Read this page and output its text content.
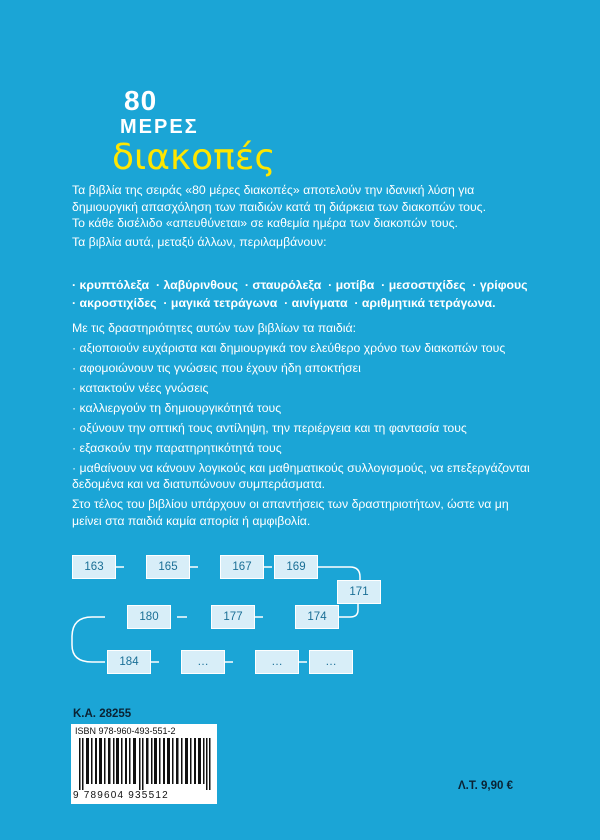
80
ΜΕΡΕΣ
διακοπές

Τα βιβλία της σειράς «80 μέρες διακοπές» αποτελούν την ιδανική λύση για δημιουργική απασχόληση των παιδιών κατά τη διάρκεια των διακοπών τους.

Το κάθε δισέλιδο «απευθύνεται» σε καθεμία ημέρα των διακοπών τους.

Τα βιβλία αυτά, μεταξύ άλλων, περιλαμβάνουν:

· κρυπτόλεξα · λαβύρινθους · σταυρόλεξα · μοτίβα · μεσοστιχίδες · γρίφους
· ακροστιχίδες · μαγικά τετράγωνα · αινίγματα · αριθμητικά τετράγωνα.
Με τις δραστηριότητες αυτών των βιβλίων τα παιδιά:

· αξιοποιούν ευχάριστα και δημιουργικά τον ελεύθερο χρόνο των διακοπών τους

· αφομοιώνουν τις γνώσεις που έχουν ήδη αποκτήσει

· κατακτούν νέες γνώσεις

· καλλιεργούν τη δημιουργικότητά τους

· οξύνουν την οπτική τους αντίληψη, την περιέργεια και τη φαντασία τους

· εξασκούν την παρατηρητικότητά τους

· μαθαίνουν να κάνουν λογικούς και μαθηματικούς συλλογισμούς, να επεξεργάζονται δεδομένα και να διατυπώνουν συμπεράσματα.

Στο τέλος του βιβλίου υπάρχουν οι απαντήσεις των δραστηριοτήτων, ώστε να μη μείνει στα παιδιά καμία απορία ή αμφιβολία.
163	165	167	169
171
174
177
180
184	…	…	…
Κ.Α. 28255
ISBN 978-960-493-551-2
9 789604 935512
Λ.Τ. 9,90 €
